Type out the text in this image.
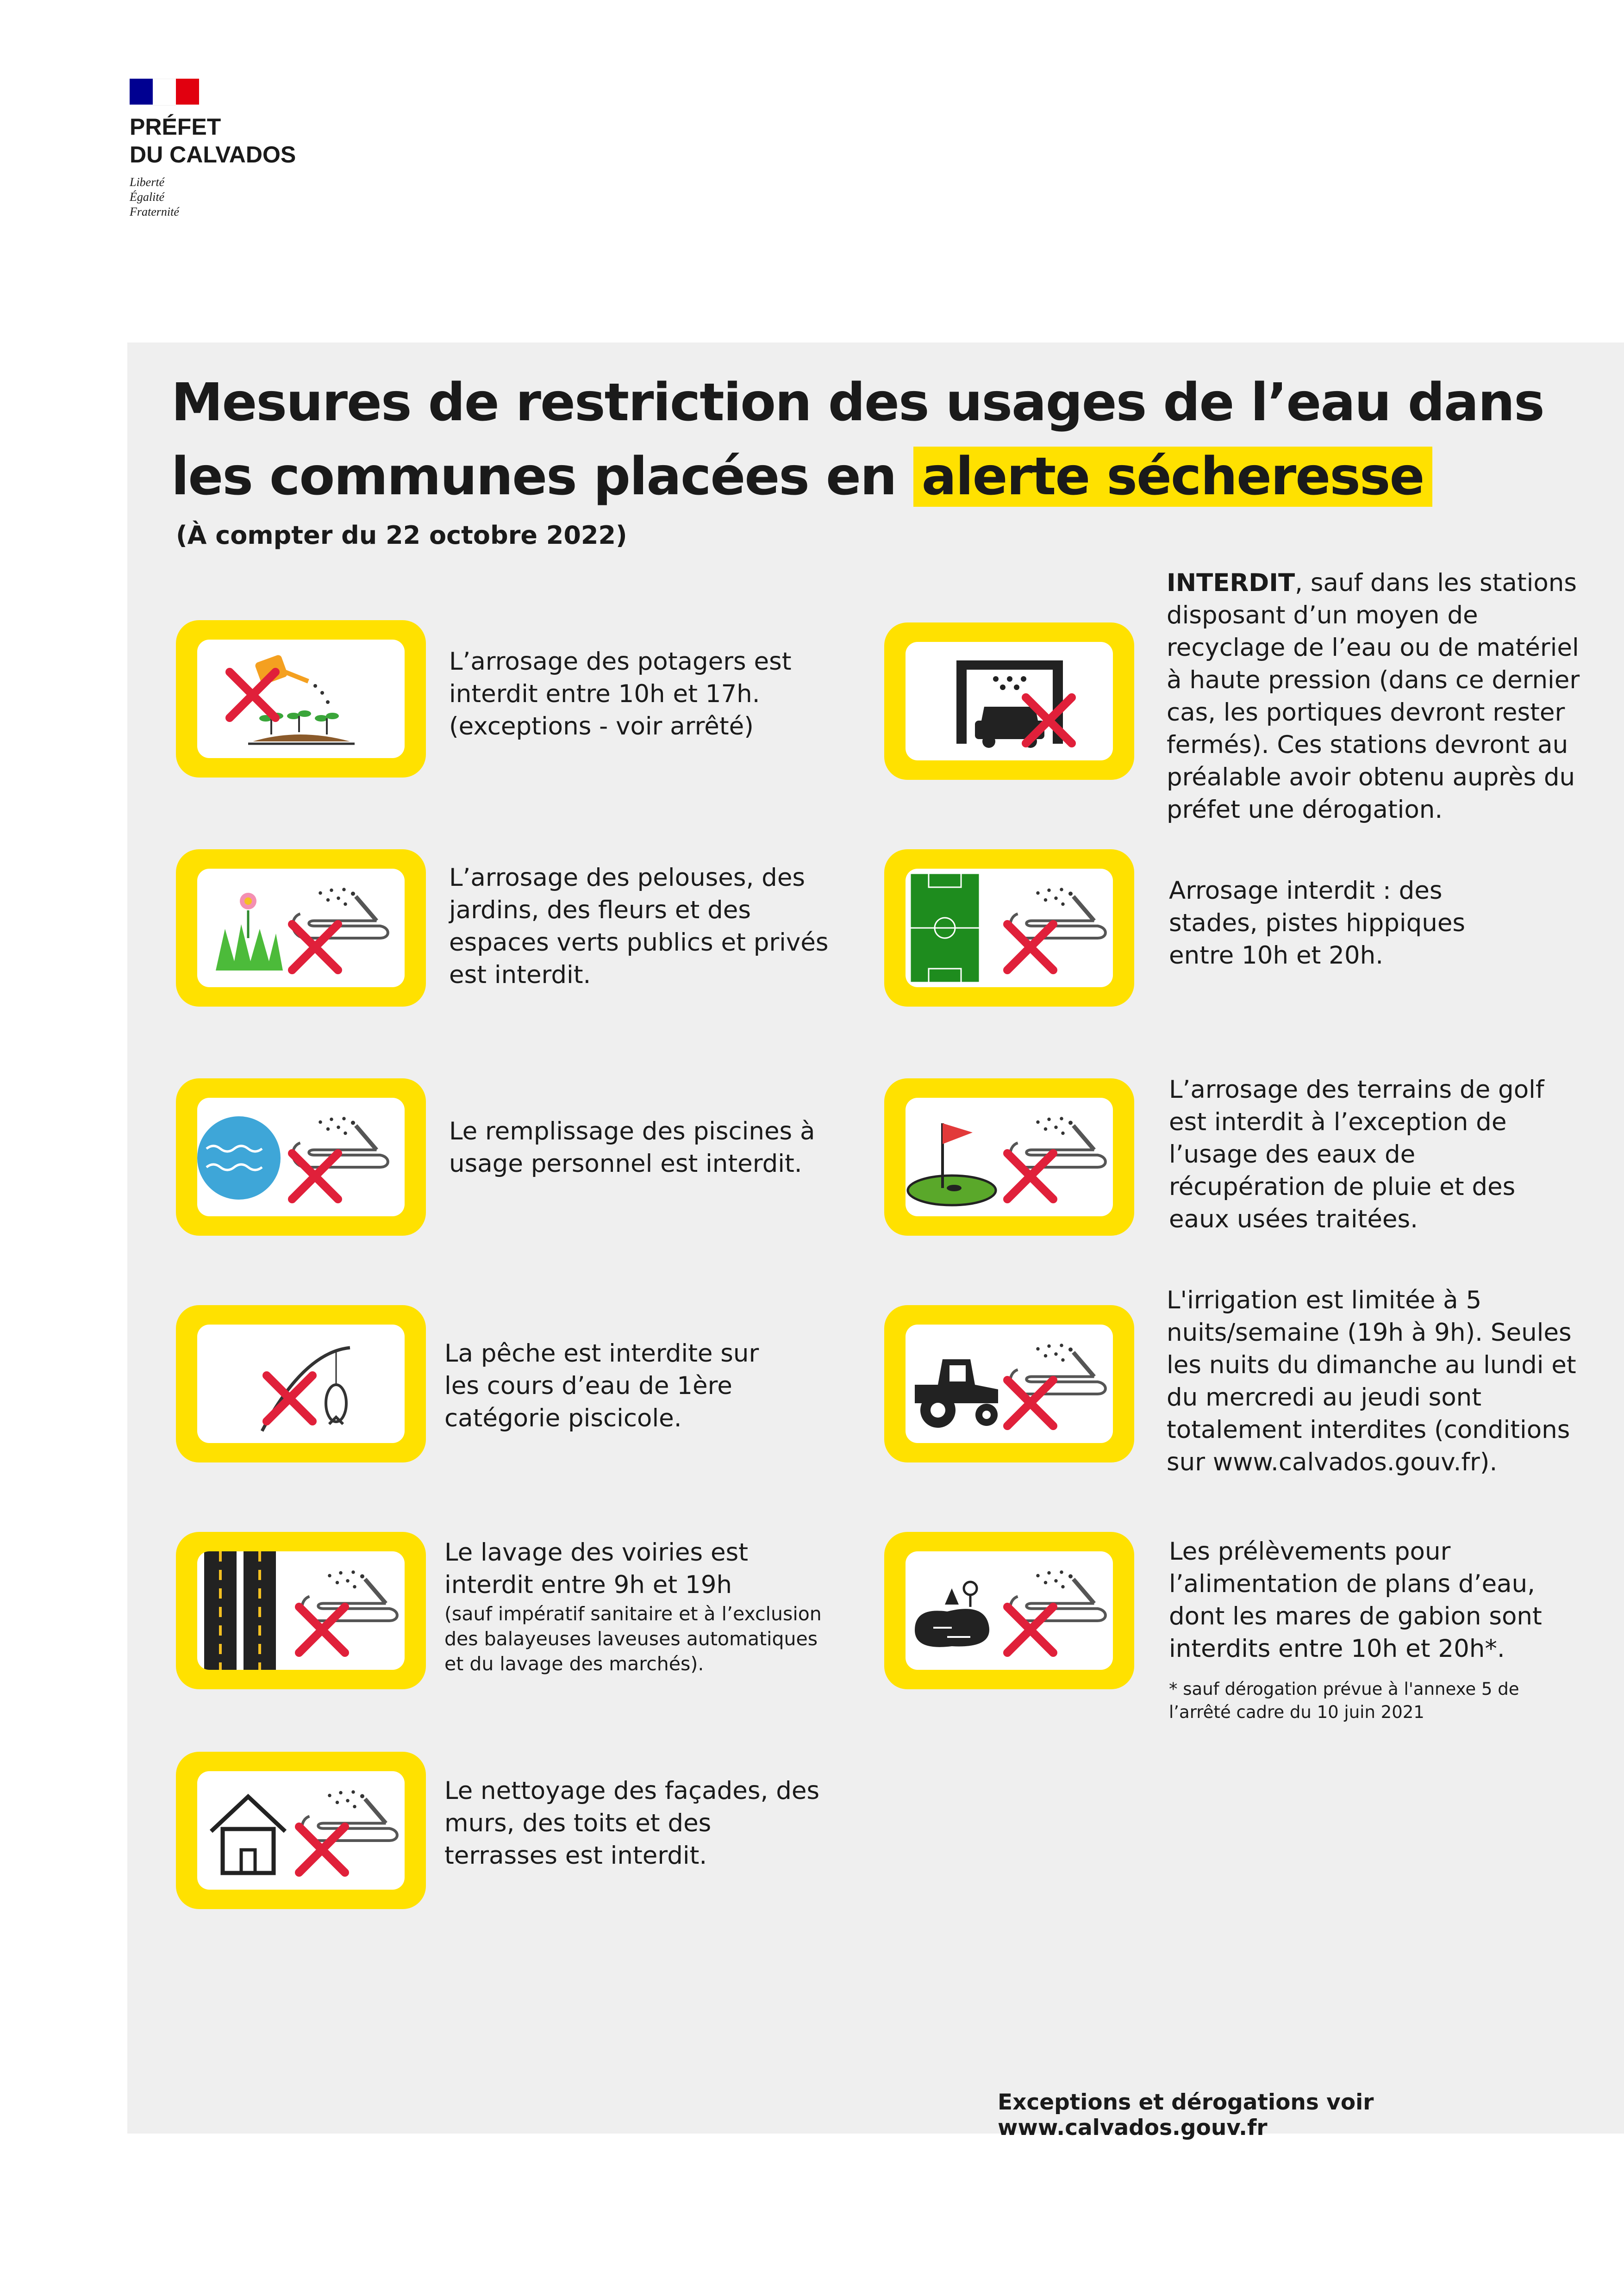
PRÉFET
DU CALVADOS
Liberté
Égalité
Fraternité
Mesures de restriction des usages de l’eau dans
les communes placées en alerte sécheresse
(À compter du 22 octobre 2022)
L’arrosage des potagers est
interdit entre 10h et 17h.
(exceptions - voir arrêté)
L’arrosage des pelouses, des
jardins, des fleurs et des
espaces verts publics et privés
est interdit.
Le remplissage des piscines à
usage personnel est interdit.
La pêche est interdite sur
les cours d’eau de 1ère
catégorie piscicole.
Le lavage des voiries est
interdit entre 9h et 19h
(sauf impératif sanitaire et à l’exclusion
des balayeuses laveuses automatiques
et du lavage des marchés).
Le nettoyage des façades, des
murs, des toits et des
terrasses est interdit.
INTERDIT, sauf dans les stations
disposant d’un moyen de
recyclage de l’eau ou de matériel
à haute pression (dans ce dernier
cas, les portiques devront rester
fermés). Ces stations devront au
préalable avoir obtenu auprès du
préfet une dérogation.
Arrosage interdit : des
stades, pistes hippiques
entre 10h et 20h.
L’arrosage des terrains de golf
est interdit à l’exception de
l’usage des eaux de
récupération de pluie et des
eaux usées traitées.
L'irrigation est limitée à 5
nuits/semaine (19h à 9h). Seules
les nuits du dimanche au lundi et
du mercredi au jeudi sont
totalement interdites (conditions
sur www.calvados.gouv.fr).
Les prélèvements pour
l’alimentation de plans d’eau,
dont les mares de gabion sont
interdits entre 10h et 20h*.
* sauf dérogation prévue à l'annexe 5 de
l’arrêté cadre du 10 juin 2021
Exceptions et dérogations voir www.calvados.gouv.fr
